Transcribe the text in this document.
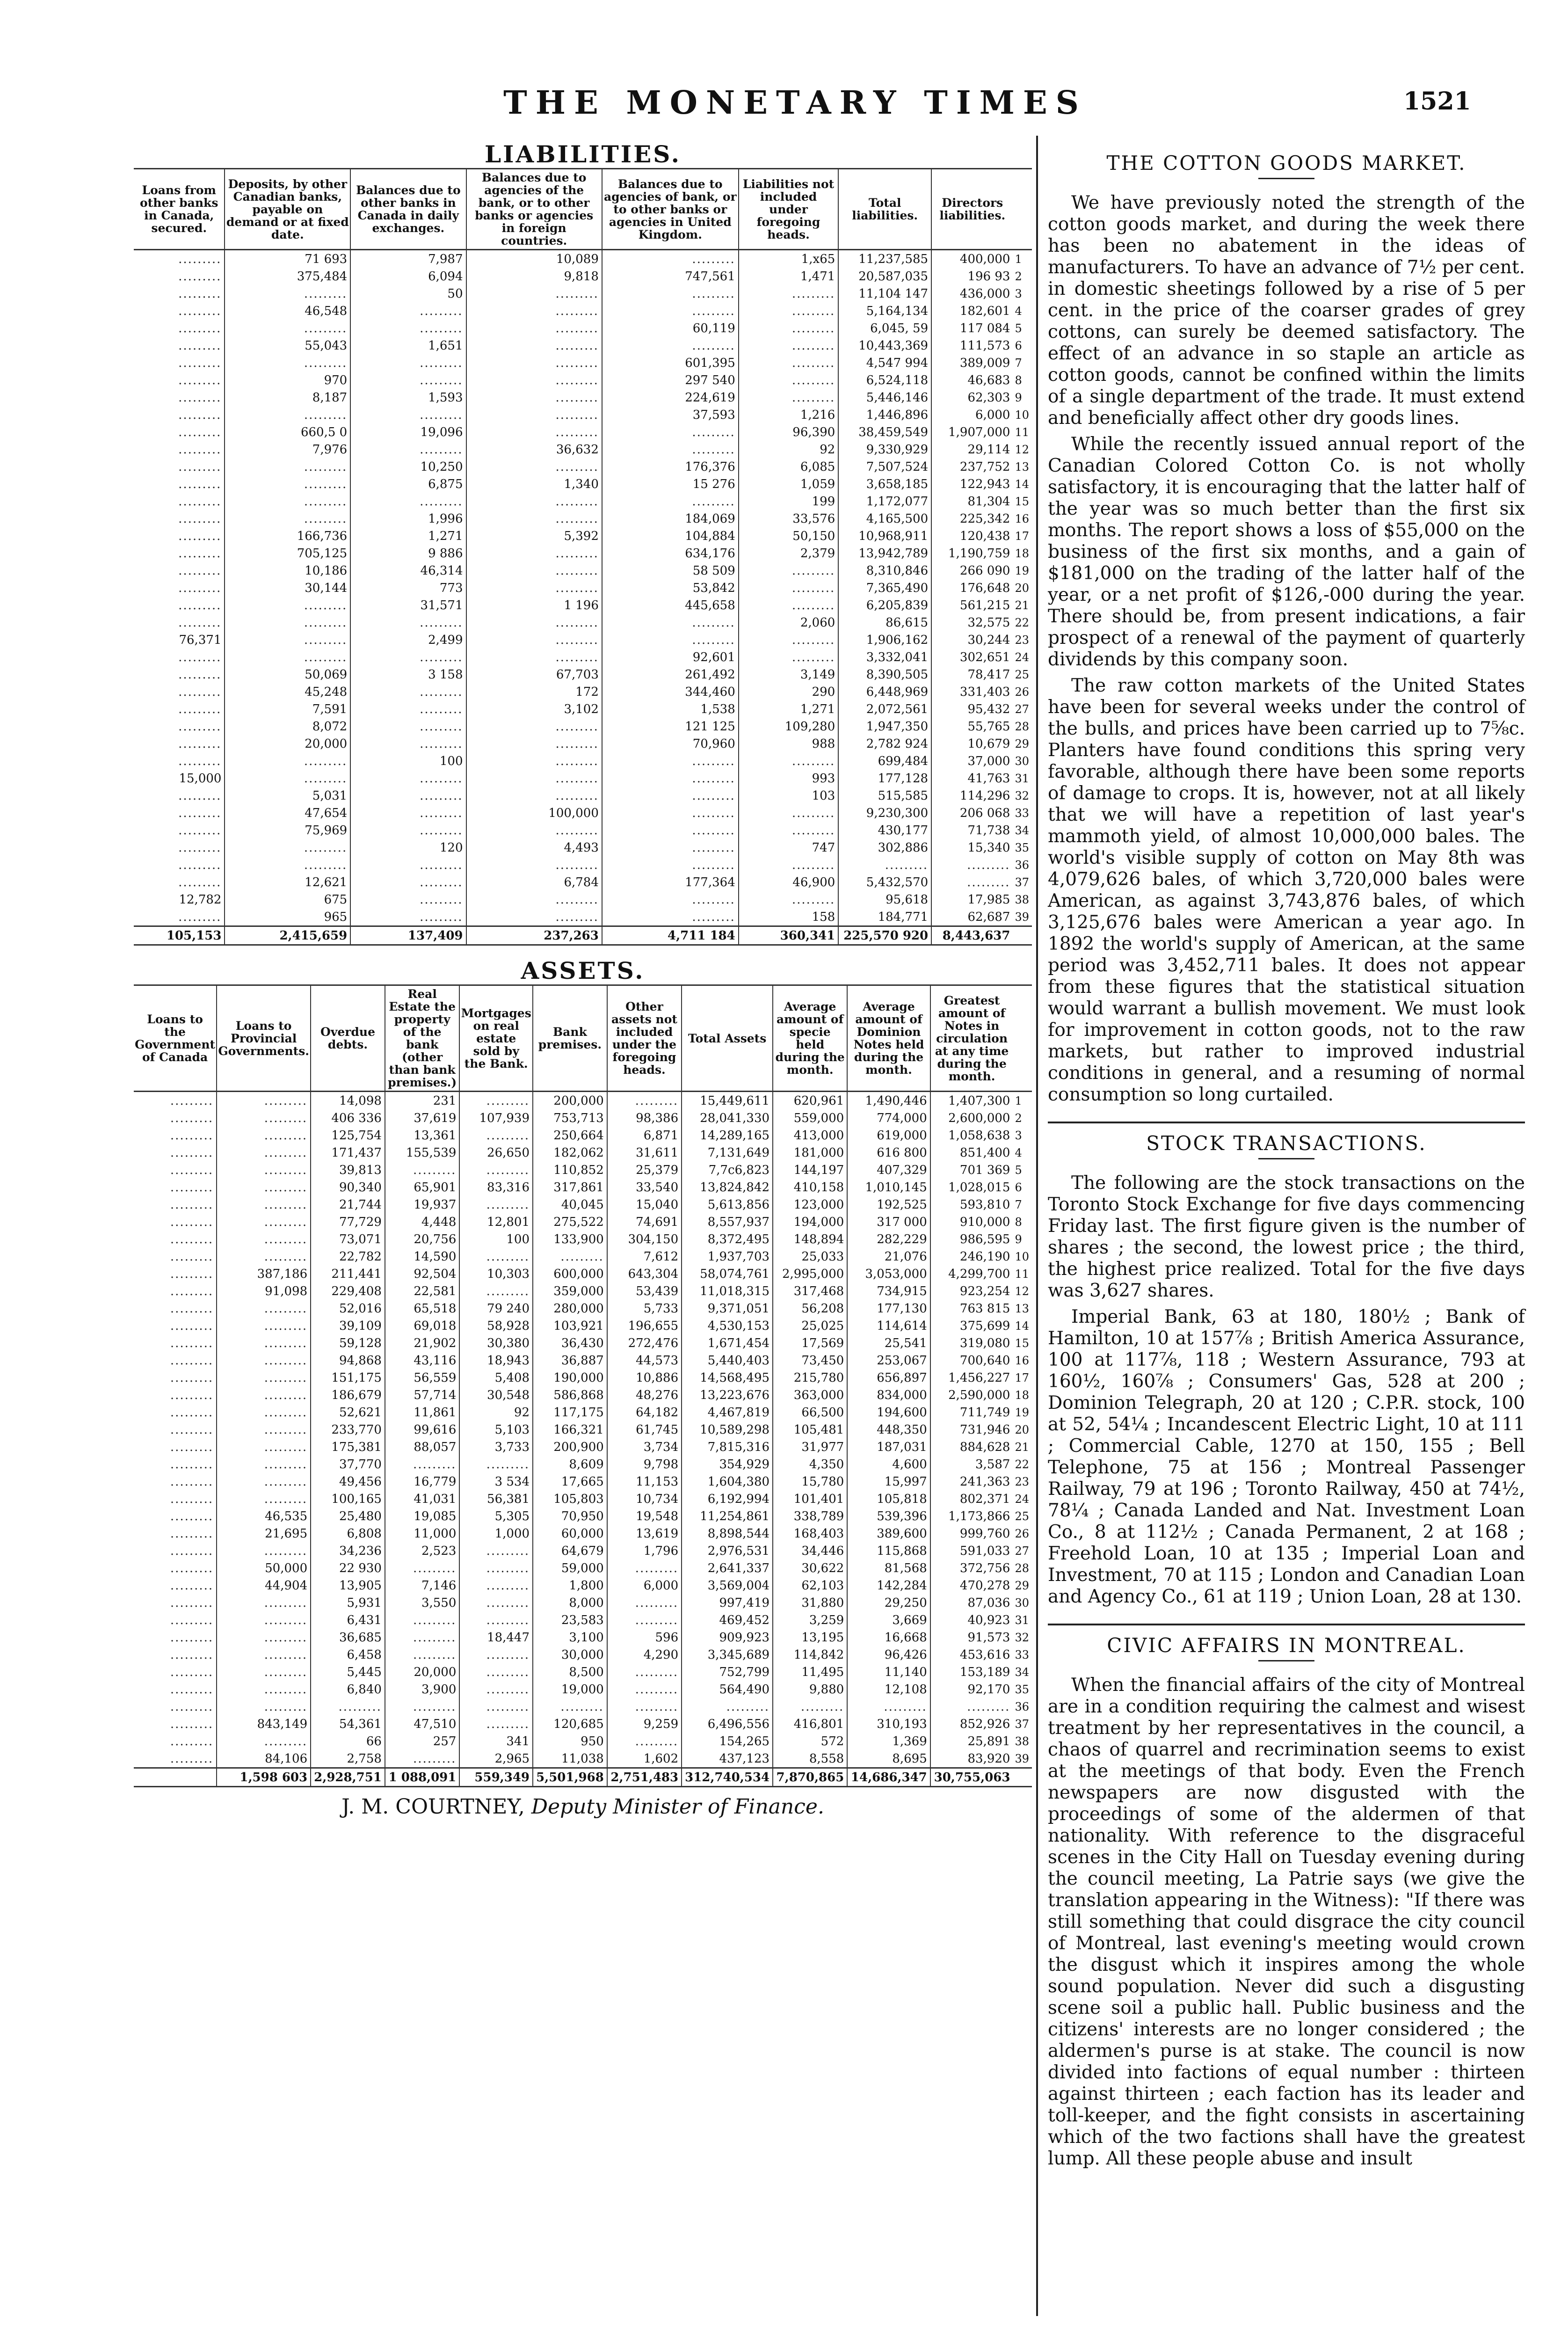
THE MONETARY TIMES	1521
LIABILITIES.
Loans from other banks in Canada, secured.	Deposits, by other Canadian banks, payable on demand or at fixed date.	Balances due to other banks in Canada in daily exchanges.	Balances due to agencies of the bank, or to other banks or agencies in foreign countries.	Balances due to agencies of bank, or to other banks or agencies in United Kingdom.	Liabilities not included under foregoing heads.	Total liabilities.	Directors liabilities.	
.........	71 693	7,987	10,089	.........	1,x65	11,237,585	400,000	1
.........	375,484	6,094	9,818	747,561	1,471	20,587,035	196 93	2
.........	.........	50	.........	.........	.........	11,104 147	436,000	3
.........	46,548	.........	.........	.........	.........	5,164,134	182,601	4
.........	.........	.........	.........	60,119	.........	6,045, 59	117 084	5
.........	55,043	1,651	.........	.........	.........	10,443,369	111,573	6
.........	.........	.........	.........	601,395	.........	4,547 994	389,009	7
.........	970	.........	.........	297 540	.........	6,524,118	46,683	8
.........	8,187	1,593	.........	224,619	.........	5,446,146	62,303	9
.........	.........	.........	.........	37,593	1,216	1,446,896	6,000	10
.........	660,5 0	19,096	.........	.........	96,390	38,459,549	1,907,000	11
.........	7,976	.........	36,632	.........	92	9,330,929	29,114	12
.........	.........	10,250	.........	176,376	6,085	7,507,524	237,752	13
.........	.........	6,875	1,340	15 276	1,059	3,658,185	122,943	14
.........	.........	.........	.........	.........	199	1,172,077	81,304	15
.........	.........	1,996	.........	184,069	33,576	4,165,500	225,342	16
.........	166,736	1,271	5,392	104,884	50,150	10,968,911	120,438	17
.........	705,125	9 886	.........	634,176	2,379	13,942,789	1,190,759	18
.........	10,186	46,314	.........	58 509	.........	8,310,846	266 090	19
.........	30,144	773	.........	53,842	.........	7,365,490	176,648	20
.........	.........	31,571	1 196	445,658	.........	6,205,839	561,215	21
.........	.........	.........	.........	.........	2,060	86,615	32,575	22
76,371	.........	2,499	.........	.........	.........	1,906,162	30,244	23
.........	.........	.........	.........	92,601	.........	3,332,041	302,651	24
.........	50,069	3 158	67,703	261,492	3,149	8,390,505	78,417	25
.........	45,248	.........	172	344,460	290	6,448,969	331,403	26
.........	7,591	.........	3,102	1,538	1,271	2,072,561	95,432	27
.........	8,072	.........	.........	121 125	109,280	1,947,350	55,765	28
.........	20,000	.........	.........	70,960	988	2,782 924	10,679	29
.........	.........	100	.........	.........	.........	699,484	37,000	30
15,000	.........	.........	.........	.........	993	177,128	41,763	31
.........	5,031	.........	.........	.........	103	515,585	114,296	32
.........	47,654	.........	100,000	.........	.........	9,230,300	206 068	33
.........	75,969	.........	.........	.........	.........	430,177	71,738	34
.........	.........	120	4,493	.........	747	302,886	15,340	35
.........	.........	.........	.........	.........	.........	.........	.........	36
.........	12,621	.........	6,784	177,364	46,900	5,432,570	.........	37
12,782	675	.........	.........	.........	.........	95,618	17,985	38
.........	965	.........	.........	.........	158	184,771	62,687	39
105,153	2,415,659	137,409	237,263	4,711 184	360,341	225,570 920	8,443,637	
ASSETS.
Loans to the Government of Canada	Loans to Provincial Governments.	Overdue debts.	Real Estate the property of the bank (other than bank premises.)	Mortgages on real estate sold by the Bank.	Bank premises.	Other assets not included under the foregoing heads.	Total Assets	Average amount of specie held during the month.	Average amount of Dominion Notes held during the month.	Greatest amount of Notes in circulation at any time during the month.	
.........	.........	14,098	231	.........	200,000	.........	15,449,611	620,961	1,490,446	1,407,300	1
.........	.........	406 336	37,619	107,939	753,713	98,386	28,041,330	559,000	774,000	2,600,000	2
.........	.........	125,754	13,361	.........	250,664	6,871	14,289,165	413,000	619,000	1,058,638	3
.........	.........	171,437	155,539	26,650	182,062	31,611	7,131,649	181,000	616 800	851,400	4
.........	.........	39,813	.........	.........	110,852	25,379	7,7c6,823	144,197	407,329	701 369	5
.........	.........	90,340	65,901	83,316	317,861	33,540	13,824,842	410,158	1,010,145	1,028,015	6
.........	.........	21,744	19,937	.........	40,045	15,040	5,613,856	123,000	192,525	593,810	7
.........	.........	77,729	4,448	12,801	275,522	74,691	8,557,937	194,000	317 000	910,000	8
.........	.........	73,071	20,756	100	133,900	304,150	8,372,495	148,894	282,229	986,595	9
.........	.........	22,782	14,590	.........	.........	7,612	1,937,703	25,033	21,076	246,190	10
.........	387,186	211,441	92,504	10,303	600,000	643,304	58,074,761	2,995,000	3,053,000	4,299,700	11
.........	91,098	229,408	22,581	.........	359,000	53,439	11,018,315	317,468	734,915	923,254	12
.........	.........	52,016	65,518	79 240	280,000	5,733	9,371,051	56,208	177,130	763 815	13
.........	.........	39,109	69,018	58,928	103,921	196,655	4,530,153	25,025	114,614	375,699	14
.........	.........	59,128	21,902	30,380	36,430	272,476	1,671,454	17,569	25,541	319,080	15
.........	.........	94,868	43,116	18,943	36,887	44,573	5,440,403	73,450	253,067	700,640	16
.........	.........	151,175	56,559	5,408	190,000	10,886	14,568,495	215,780	656,897	1,456,227	17
.........	.........	186,679	57,714	30,548	586,868	48,276	13,223,676	363,000	834,000	2,590,000	18
.........	.........	52,621	11,861	92	117,175	64,182	4,467,819	66,500	194,600	711,749	19
.........	.........	233,770	99,616	5,103	166,321	61,745	10,589,298	105,481	448,350	731,946	20
.........	.........	175,381	88,057	3,733	200,900	3,734	7,815,316	31,977	187,031	884,628	21
.........	.........	37,770	.........	.........	8,609	9,798	354,929	4,350	4,600	3,587	22
.........	.........	49,456	16,779	3 534	17,665	11,153	1,604,380	15,780	15,997	241,363	23
.........	.........	100,165	41,031	56,381	105,803	10,734	6,192,994	101,401	105,818	802,371	24
.........	46,535	25,480	19,085	5,305	70,950	19,548	11,254,861	338,789	539,396	1,173,866	25
.........	21,695	6,808	11,000	1,000	60,000	13,619	8,898,544	168,403	389,600	999,760	26
.........	.........	34,236	2,523	.........	64,679	1,796	2,976,531	34,446	115,868	591,033	27
.........	50,000	22 930	.........	.........	59,000	.........	2,641,337	30,622	81,568	372,756	28
.........	44,904	13,905	7,146	.........	1,800	6,000	3,569,004	62,103	142,284	470,278	29
.........	.........	5,931	3,550	.........	8,000	.........	997,419	31,880	29,250	87,036	30
.........	.........	6,431	.........	.........	23,583	.........	469,452	3,259	3,669	40,923	31
.........	.........	36,685	.........	18,447	3,100	596	909,923	13,195	16,668	91,573	32
.........	.........	6,458	.........	.........	30,000	4,290	3,345,689	114,842	96,426	453,616	33
.........	.........	5,445	20,000	.........	8,500	.........	752,799	11,495	11,140	153,189	34
.........	.........	6,840	3,900	.........	19,000	.........	564,490	9,880	12,108	92,170	35
.........	.........	.........	.........	.........	.........	.........	.........	.........	.........	.........	36
.........	843,149	54,361	47,510	.........	120,685	9,259	6,496,556	416,801	310,193	852,926	37
.........	.........	66	257	341	950	.........	154,265	572	1,369	25,891	38
.........	84,106	2,758	.........	2,965	11,038	1,602	437,123	8,558	8,695	83,920	39
	1,598 603	2,928,751	1 088,091	559,349	5,501,968	2,751,483	312,740,534	7,870,865	14,686,347	30,755,063	
J. M. COURTNEY, Deputy Minister of Finance.
THE COTTON GOODS MARKET.

We have previously noted the strength of the cotton goods market, and during the week there has been no abatement in the ideas of manufacturers. To have an advance of 7½ per cent. in domestic sheetings followed by a rise of 5 per cent. in the price of the coarser grades of grey cottons, can surely be deemed satisfactory. The effect of an advance in so staple an article as cotton goods, cannot be confined within the limits of a single department of the trade. It must extend and beneficially affect other dry goods lines.

While the recently issued annual report of the Canadian Colored Cotton Co. is not wholly satisfactory, it is encouraging that the latter half of the year was so much better than the first six months. The report shows a loss of $55,000 on the business of the first six months, and a gain of $181,000 on the trading of the latter half of the year, or a net profit of $126,-000 during the year. There should be, from present indications, a fair prospect of a renewal of the payment of quarterly dividends by this company soon.

The raw cotton markets of the United States have been for several weeks under the control of the bulls, and prices have been carried up to 7⅝c. Planters have found conditions this spring very favorable, although there have been some reports of damage to crops. It is, however, not at all likely that we will have a repetition of last year's mammoth yield, of almost 10,000,000 bales. The world's visible supply of cotton on May 8th was 4,079,626 bales, of which 3,720,000 bales were American, as against 3,743,876 bales, of which 3,125,676 bales were American a year ago. In 1892 the world's supply of American, at the same period was 3,452,711 bales. It does not appear from these figures that the statistical situation would warrant a bullish movement. We must look for improvement in cotton goods, not to the raw markets, but rather to improved industrial conditions in general, and a resuming of normal consumption so long curtailed.

STOCK TRANSACTIONS.

The following are the stock transactions on the Toronto Stock Exchange for five days commencing Friday last. The first figure given is the number of shares ; the second, the lowest price ; the third, the highest price realized. Total for the five days was 3,627 shares.

Imperial Bank, 63 at 180, 180½ ; Bank of Hamilton, 10 at 157⅞ ; British America Assurance, 100 at 117⅞, 118 ; Western Assurance, 793 at 160½, 160⅞ ; Consumers' Gas, 528 at 200 ; Dominion Telegraph, 20 at 120 ; C.P.R. stock, 100 at 52, 54¼ ; Incandescent Electric Light, 10 at 111 ; Commercial Cable, 1270 at 150, 155 ; Bell Telephone, 75 at 156 ; Montreal Passenger Railway, 79 at 196 ; Toronto Railway, 450 at 74½, 78¼ ; Canada Landed and Nat. Investment Loan Co., 8 at 112½ ; Canada Permanent, 2 at 168 ; Freehold Loan, 10 at 135 ; Imperial Loan and Investment, 70 at 115 ; London and Canadian Loan and Agency Co., 61 at 119 ; Union Loan, 28 at 130.

CIVIC AFFAIRS IN MONTREAL.

When the financial affairs of the city of Montreal are in a condition requiring the calmest and wisest treatment by her representatives in the council, a chaos of quarrel and recrimination seems to exist at the meetings of that body. Even the French newspapers are now disgusted with the proceedings of some of the aldermen of that nationality. With reference to the disgraceful scenes in the City Hall on Tuesday evening during the council meeting, La Patrie says (we give the translation appearing in the Witness): "If there was still something that could disgrace the city council of Montreal, last evening's meeting would crown the disgust which it inspires among the whole sound population. Never did such a disgusting scene soil a public hall. Public business and the citizens' interests are no longer considered ; the aldermen's purse is at stake. The council is now divided into factions of equal number : thirteen against thirteen ; each faction has its leader and toll-keeper, and the fight consists in ascertaining which of the two factions shall have the greatest lump. All these people abuse and insult
